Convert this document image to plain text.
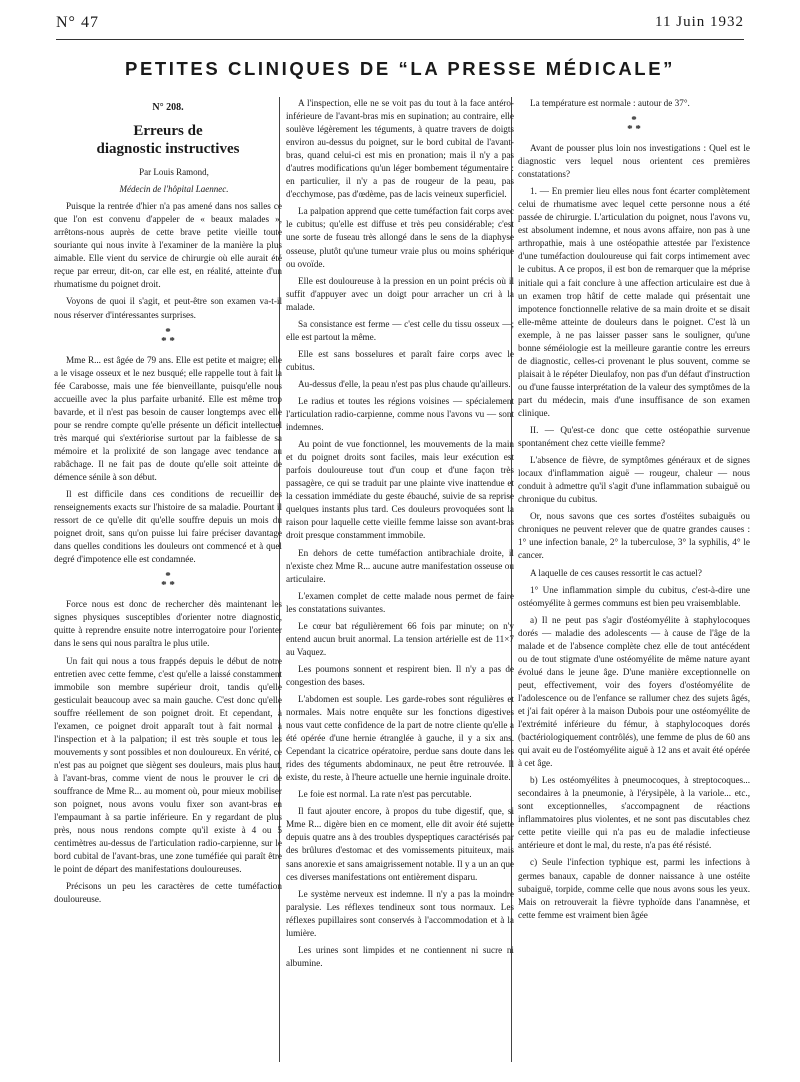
N° 47	11 Juin 1932
PETITES CLINIQUES DE “LA PRESSE MÉDICALE”
N° 208.
Erreurs de
diagnostic instructives

Par Louis Ramond,

Médecin de l'hôpital Laennec.

Puisque la rentrée d'hier n'a pas amené dans nos salles ce que l'on est convenu d'appeler de « beaux malades », arrêtons-nous auprès de cette brave petite vieille toute souriante qui nous invite à l'examiner de la manière la plus aimable. Elle vient du service de chirurgie où elle aurait été reçue par erreur, dit-on, car elle est, en réalité, atteinte d'un rhumatisme du poignet droit.

Voyons de quoi il s'agit, et peut-être son examen va-t-il nous réserver d'intéressantes surprises.

*
* *

Mme R... est âgée de 79 ans. Elle est petite et maigre; elle a le visage osseux et le nez busqué; elle rappelle tout à fait la fée Carabosse, mais une fée bienveillante, puisqu'elle nous accueille avec la plus parfaite urbanité. Elle est même trop bavarde, et il n'est pas besoin de causer longtemps avec elle pour se rendre compte qu'elle présente un déficit intellectuel très marqué qui s'extériorise surtout par la faiblesse de sa mémoire et la prolixité de son langage avec tendance au rabâchage. Il ne fait pas de doute qu'elle soit atteinte de démence sénile à son début.

Il est difficile dans ces conditions de recueillir des renseignements exacts sur l'histoire de sa maladie. Pourtant il ressort de ce qu'elle dit qu'elle souffre depuis un mois du poignet droit, sans qu'on puisse lui faire préciser davantage dans quelles conditions les douleurs ont commencé et à quel degré d'impotence elle est condamnée.

*
* *

Force nous est donc de rechercher dès maintenant les signes physiques susceptibles d'orienter notre diagnostic, quitte à reprendre ensuite notre interrogatoire pour l'orienter dans le sens qui nous paraîtra le plus utile.

Un fait qui nous a tous frappés depuis le début de notre entretien avec cette femme, c'est qu'elle a laissé constamment immobile son membre supérieur droit, tandis qu'elle gesticulait beaucoup avec sa main gauche. C'est donc qu'elle souffre réellement de son poignet droit. Et cependant, à l'examen, ce poignet droit apparaît tout à fait normal à l'inspection et à la palpation; il est très souple et tous les mouvements y sont possibles et non douloureux. En vérité, ce n'est pas au poignet que siègent ses douleurs, mais plus haut, à l'avant-bras, comme vient de nous le prouver le cri de souffrance de Mme R... au moment où, pour mieux mobiliser son poignet, nous avons voulu fixer son avant-bras en l'empaumant à sa partie inférieure. En y regardant de plus près, nous nous rendons compte qu'il existe à 4 ou 5 centimètres au-dessus de l'articulation radio-carpienne, sur le bord cubital de l'avant-bras, une zone tuméfiée qui paraît être le point de départ des manifestations douloureuses.

Précisons un peu les caractères de cette tuméfaction douloureuse.

A l'inspection, elle ne se voit pas du tout à la face antéro-inférieure de l'avant-bras mis en supination; au contraire, elle soulève légèrement les téguments, à quatre travers de doigts environ au-dessus du poignet, sur le bord cubital de l'avant-bras, quand celui-ci est mis en pronation; mais il n'y a pas d'autres modifications qu'un léger bombement tégumentaire : en particulier, il n'y a pas de rougeur de la peau, pas d'ecchymose, pas d'œdème, pas de lacis veineux superficiel.

La palpation apprend que cette tuméfaction fait corps avec le cubitus; qu'elle est diffuse et très peu considérable; c'est une sorte de fuseau très allongé dans le sens de la diaphyse osseuse, plutôt qu'une tumeur vraie plus ou moins sphérique ou ovoïde.

Elle est douloureuse à la pression en un point précis où il suffit d'appuyer avec un doigt pour arracher un cri à la malade.

Sa consistance est ferme — c'est celle du tissu osseux —; elle est partout la même.

Elle est sans bosselures et paraît faire corps avec le cubitus.

Au-dessus d'elle, la peau n'est pas plus chaude qu'ailleurs.

Le radius et toutes les régions voisines — spécialement l'articulation radio-carpienne, comme nous l'avons vu — sont indemnes.

Au point de vue fonctionnel, les mouvements de la main et du poignet droits sont faciles, mais leur exécution est parfois douloureuse tout d'un coup et d'une façon très passagère, ce qui se traduit par une plainte vive inattendue et la cessation immédiate du geste ébauché, suivie de sa reprise quelques instants plus tard. Ces douleurs provoquées sont la raison pour laquelle cette vieille femme laisse son avant-bras droit presque constamment immobile.

En dehors de cette tuméfaction antibrachiale droite, il n'existe chez Mme R... aucune autre manifestation osseuse ou articulaire.

L'examen complet de cette malade nous permet de faire les constatations suivantes.

Le cœur bat régulièrement 66 fois par minute; on n'y entend aucun bruit anormal. La tension artérielle est de 11×7 au Vaquez.

Les poumons sonnent et respirent bien. Il n'y a pas de congestion des bases.

L'abdomen est souple. Les garde-robes sont régulières et normales. Mais notre enquête sur les fonctions digestives nous vaut cette confidence de la part de notre cliente qu'elle a été opérée d'une hernie étranglée à gauche, il y a six ans. Cependant la cicatrice opératoire, perdue sans doute dans les rides des téguments abdominaux, ne peut être retrouvée. Il existe, du reste, à l'heure actuelle une hernie inguinale droite.

Le foie est normal. La rate n'est pas percutable.

Il faut ajouter encore, à propos du tube digestif, que, si Mme R... digère bien en ce moment, elle dit avoir été sujette depuis quatre ans à des troubles dyspeptiques caractérisés par des brûlures d'estomac et des vomissements pituiteux, mais sans anorexie et sans amaigrissement notable. Il y a un an que ces diverses manifestations ont entièrement disparu.

Le système nerveux est indemne. Il n'y a pas la moindre paralysie. Les réflexes tendineux sont tous normaux. Les réflexes pupillaires sont conservés à l'accommodation et à la lumière.

Les urines sont limpides et ne contiennent ni sucre ni albumine.

La température est normale : autour de 37°.

*
* *

Avant de pousser plus loin nos investigations : Quel est le diagnostic vers lequel nous orientent ces premières constatations?

1. — En premier lieu elles nous font écarter complètement celui de rhumatisme avec lequel cette personne nous a été passée de chirurgie. L'articulation du poignet, nous l'avons vu, est absolument indemne, et nous avons affaire, non pas à une arthropathie, mais à une ostéopathie attestée par l'existence d'une tuméfaction douloureuse qui fait corps intimement avec le cubitus. A ce propos, il est bon de remarquer que la méprise initiale qui a fait conclure à une affection articulaire est due à un examen trop hâtif de cette malade qui présentait une impotence fonctionnelle relative de sa main droite et se disait elle-même atteinte de douleurs dans le poignet. C'est là un exemple, à ne pas laisser passer sans le souligner, qu'une bonne séméiologie est la meilleure garantie contre les erreurs de diagnostic, celles-ci provenant le plus souvent, comme se plaisait à le répéter Dieulafoy, non pas d'un défaut d'instruction ou d'une fausse interprétation de la valeur des symptômes de la part du médecin, mais d'une insuffisance de son examen clinique.

II. — Qu'est-ce donc que cette ostéopathie survenue spontanément chez cette vieille femme?

L'absence de fièvre, de symptômes généraux et de signes locaux d'inflammation aiguë — rougeur, chaleur — nous conduit à admettre qu'il s'agit d'une inflammation subaiguë ou chronique du cubitus.

Or, nous savons que ces sortes d'ostéites subaiguës ou chroniques ne peuvent relever que de quatre grandes causes : 1° une infection banale, 2° la tuberculose, 3° la syphilis, 4° le cancer.

A laquelle de ces causes ressortit le cas actuel?

1° Une inflammation simple du cubitus, c'est-à-dire une ostéomyélite à germes communs est bien peu vraisemblable.

a) Il ne peut pas s'agir d'ostéomyélite à staphylocoques dorés — maladie des adolescents — à cause de l'âge de la malade et de l'absence complète chez elle de tout antécédent ou de tout stigmate d'une ostéomyélite de même nature ayant évolué dans le jeune âge. D'une manière exceptionnelle on peut, effectivement, voir des foyers d'ostéomyélite de l'adolescence ou de l'enfance se rallumer chez des sujets âgés, et j'ai fait opérer à la maison Dubois pour une ostéomyélite de l'extrémité inférieure du fémur, à staphylocoques dorés (bactériologiquement contrôlés), une femme de plus de 60 ans qui avait eu de l'ostéomyélite aiguë à 12 ans et avait été opérée à cet âge.

b) Les ostéomyélites à pneumocoques, à streptocoques... secondaires à la pneumonie, à l'érysipèle, à la variole... etc., sont exceptionnelles, s'accompagnent de réactions inflammatoires plus violentes, et ne sont pas discutables chez cette petite vieille qui n'a pas eu de maladie infectieuse antérieure et dont le mal, du reste, n'a pas été résisté.

c) Seule l'infection typhique est, parmi les infections à germes banaux, capable de donner naissance à une ostéite subaiguë, torpide, comme celle que nous avons sous les yeux. Mais on retrouverait la fièvre typhoïde dans l'anamnèse, et cette femme est vraiment bien âgée
